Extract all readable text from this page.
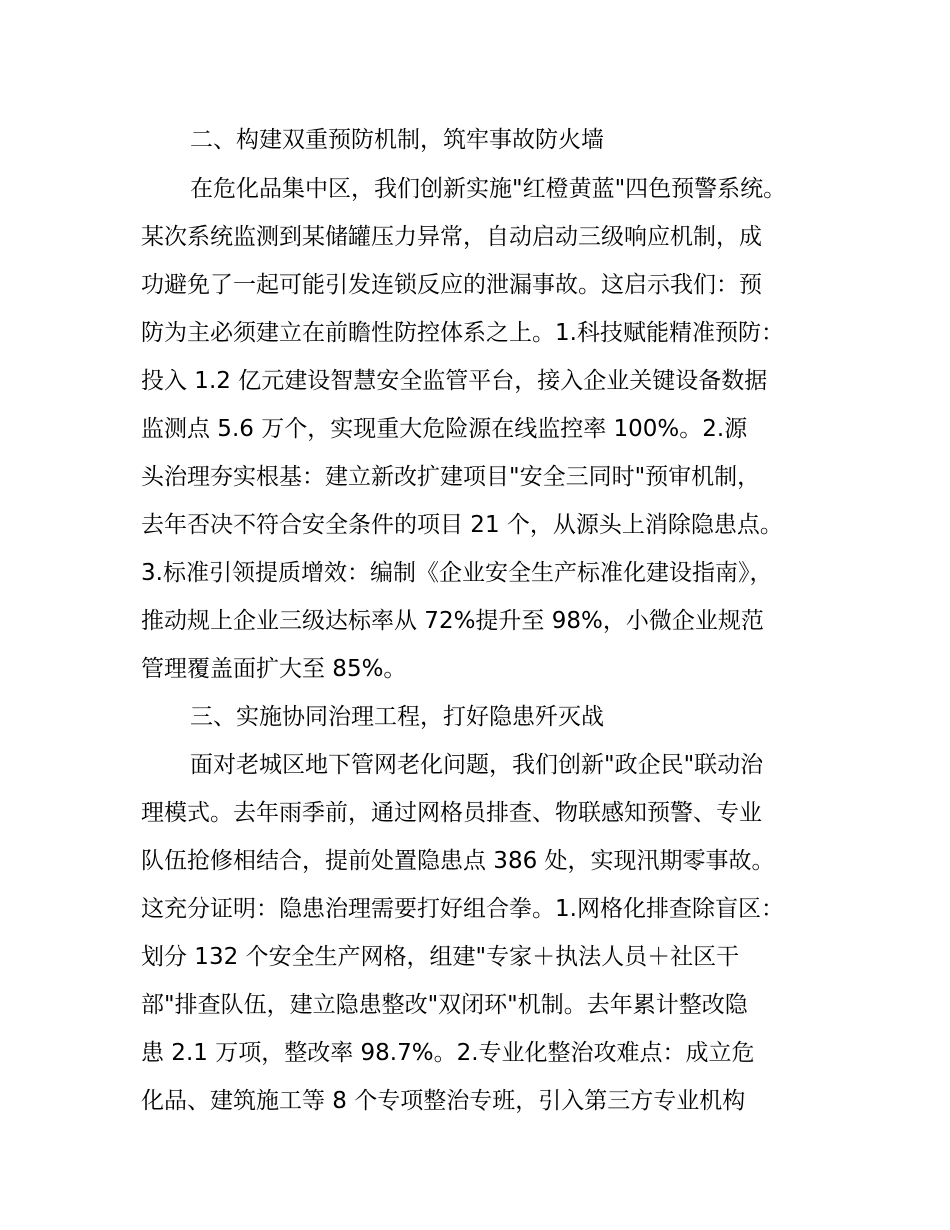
二、构建双重预防机制，筑牢事故防火墙
在危化品集中区，我们创新实施"红橙黄蓝"四色预警系统。
某次系统监测到某储罐压力异常，自动启动三级响应机制，成
功避免了一起可能引发连锁反应的泄漏事故。这启示我们：预
防为主必须建立在前瞻性防控体系之上。1.科技赋能精准预防：
投入 1.2 亿元建设智慧安全监管平台，接入企业关键设备数据
监测点 5.6 万个，实现重大危险源在线监控率 100%。2.源
头治理夯实根基：建立新改扩建项目"安全三同时"预审机制，
去年否决不符合安全条件的项目 21 个，从源头上消除隐患点。
3.标准引领提质增效：编制《企业安全生产标准化建设指南》，
推动规上企业三级达标率从 72%提升至 98%，小微企业规范
管理覆盖面扩大至 85%。
三、实施协同治理工程，打好隐患歼灭战
面对老城区地下管网老化问题，我们创新"政企民"联动治
理模式。去年雨季前，通过网格员排查、物联感知预警、专业
队伍抢修相结合，提前处置隐患点 386 处，实现汛期零事故。
这充分证明：隐患治理需要打好组合拳。1.网格化排查除盲区：
划分 132 个安全生产网格，组建"专家＋执法人员＋社区干
部"排查队伍，建立隐患整改"双闭环"机制。去年累计整改隐
患 2.1 万项，整改率 98.7%。2.专业化整治攻难点：成立危
化品、建筑施工等 8 个专项整治专班，引入第三方专业机构
